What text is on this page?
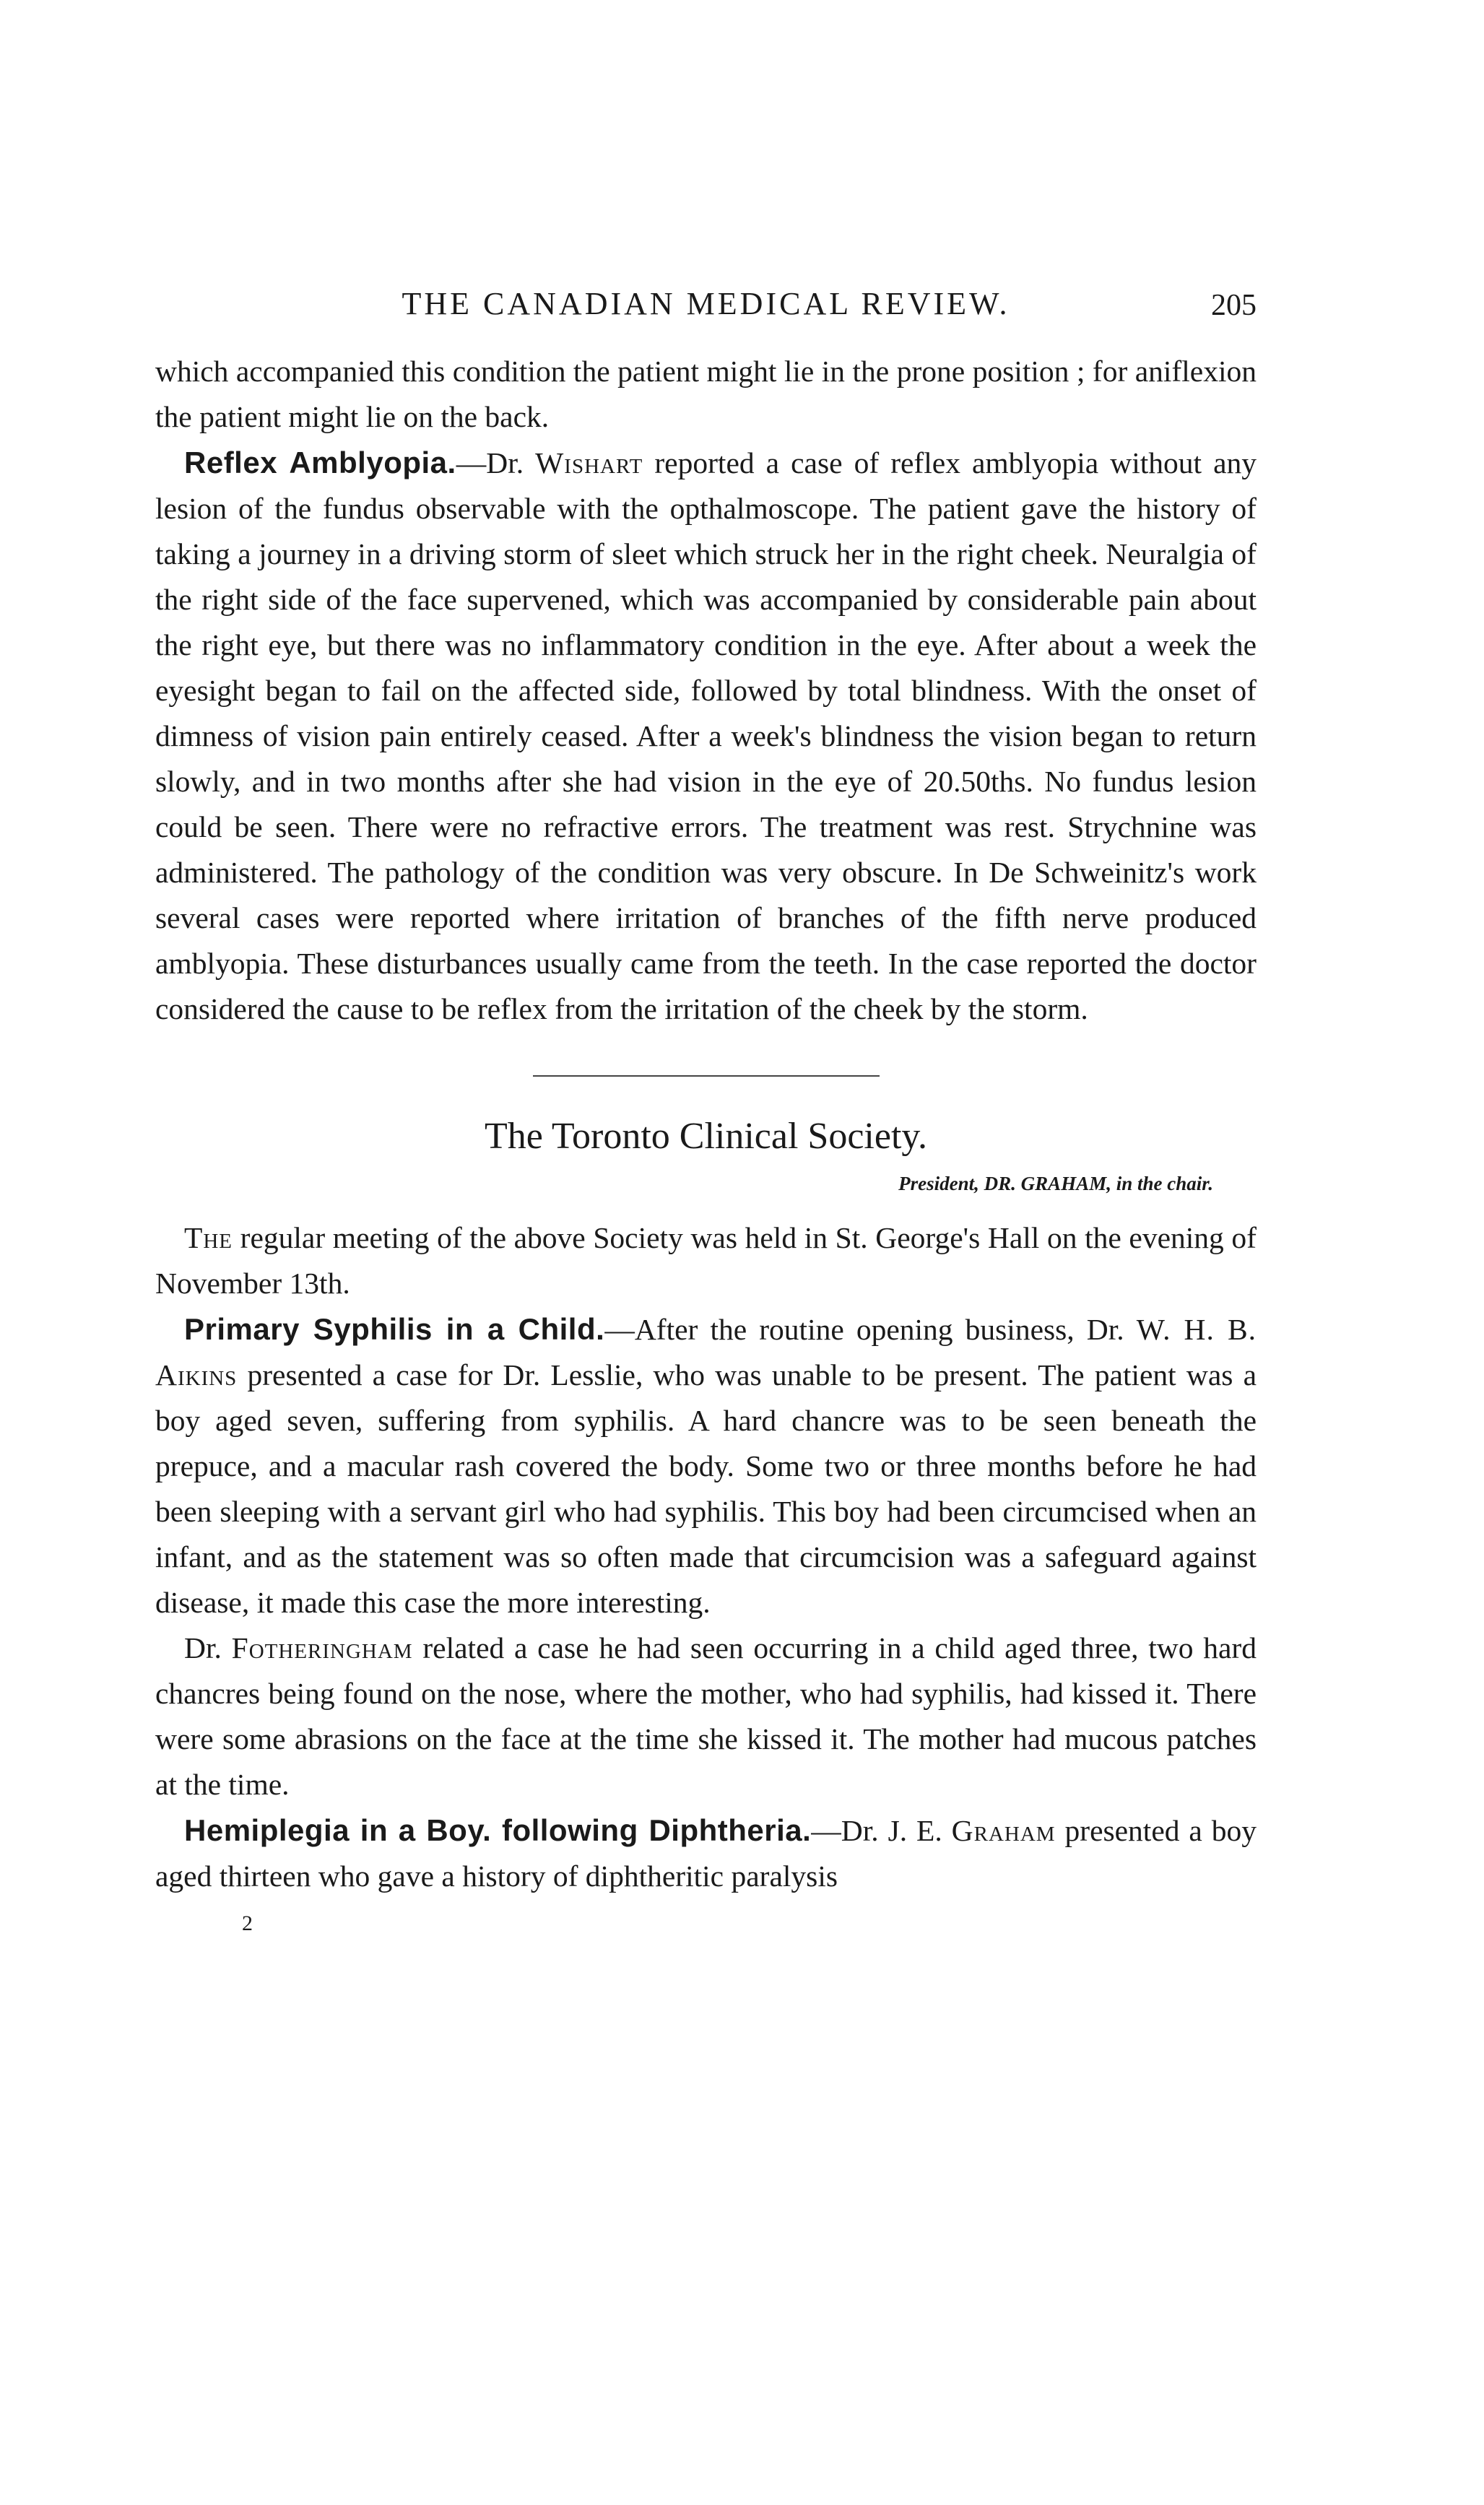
THE CANADIAN MEDICAL REVIEW.	205

which accompanied this condition the patient might lie in the prone position ; for aniflexion the patient might lie on the back.

Reflex Amblyopia.—Dr. Wishart reported a case of reflex amblyopia without any lesion of the fundus observable with the opthalmoscope. The patient gave the history of taking a journey in a driving storm of sleet which struck her in the right cheek. Neuralgia of the right side of the face supervened, which was accompanied by considerable pain about the right eye, but there was no inflammatory condition in the eye. After about a week the eyesight began to fail on the affected side, followed by total blindness. With the onset of dimness of vision pain entirely ceased. After a week's blindness the vision began to return slowly, and in two months after she had vision in the eye of 20.50ths. No fundus lesion could be seen. There were no refractive errors. The treatment was rest. Strychnine was administered. The pathology of the condition was very obscure. In De Schweinitz's work several cases were reported where irritation of branches of the fifth nerve produced amblyopia. These disturbances usually came from the teeth. In the case reported the doctor considered the cause to be reflex from the irritation of the cheek by the storm.

The Toronto Clinical Society.
President, DR. GRAHAM, in the chair.

The regular meeting of the above Society was held in St. George's Hall on the evening of November 13th.

Primary Syphilis in a Child.—After the routine opening business, Dr. W. H. B. Aikins presented a case for Dr. Lesslie, who was unable to be present. The patient was a boy aged seven, suffering from syphilis. A hard chancre was to be seen beneath the prepuce, and a macular rash covered the body. Some two or three months before he had been sleeping with a servant girl who had syphilis. This boy had been circumcised when an infant, and as the statement was so often made that circumcision was a safeguard against disease, it made this case the more interesting.

Dr. Fotheringham related a case he had seen occurring in a child aged three, two hard chancres being found on the nose, where the mother, who had syphilis, had kissed it. There were some abrasions on the face at the time she kissed it. The mother had mucous patches at the time.

Hemiplegia in a Boy. following Diphtheria.—Dr. J. E. Graham presented a boy aged thirteen who gave a history of diphtheritic paralysis

2
